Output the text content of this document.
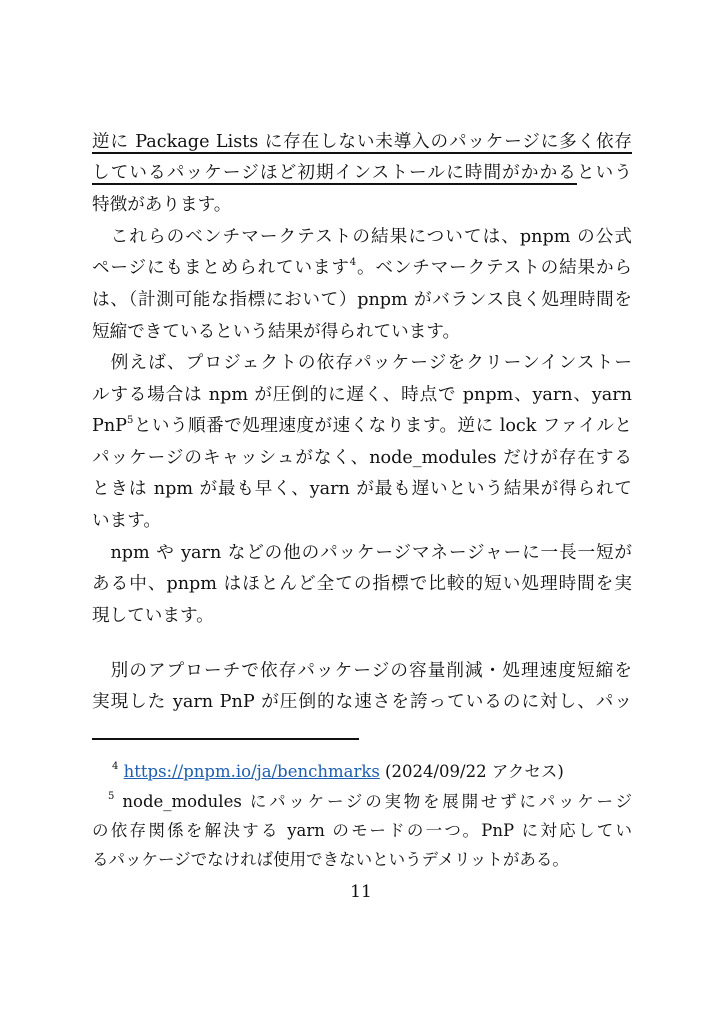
逆に Package Lists に存在しない未導入のパッケージに多く依存
しているパッケージほど初期インストールに時間がかかるという
特徴があります。
　これらのベンチマークテストの結果については、pnpm の公式
ページにもまとめられています$^4$。ベンチマークテストの結果から
は、（計測可能な指標において）pnpm がバランス良く処理時間を
短縮できているという結果が得られています。
　例えば、プロジェクトの依存パッケージをクリーンインストー
ルする場合は npm が圧倒的に遅く、時点で pnpm、yarn、yarn
PnP$^5$という順番で処理速度が速くなります。逆に lock ファイルと
パッケージのキャッシュがなく、node_modules だけが存在する
ときは npm が最も早く、yarn が最も遅いという結果が得られて
います。
　npm や yarn などの他のパッケージマネージャーに一長一短が
ある中、pnpm はほとんど全ての指標で比較的短い処理時間を実
現しています。
　別のアプローチで依存パッケージの容量削減・処理速度短縮を
実現した yarn PnP が圧倒的な速さを誇っているのに対し、パッ
$^4$ https://pnpm.io/ja/benchmarks (2024/09/22 アクセス)
$^5$ node_modules にパッケージの実物を展開せずにパッケージ
の依存関係を解決する yarn のモードの一つ。PnP に対応してい
るパッケージでなければ使用できないというデメリットがある。
11
